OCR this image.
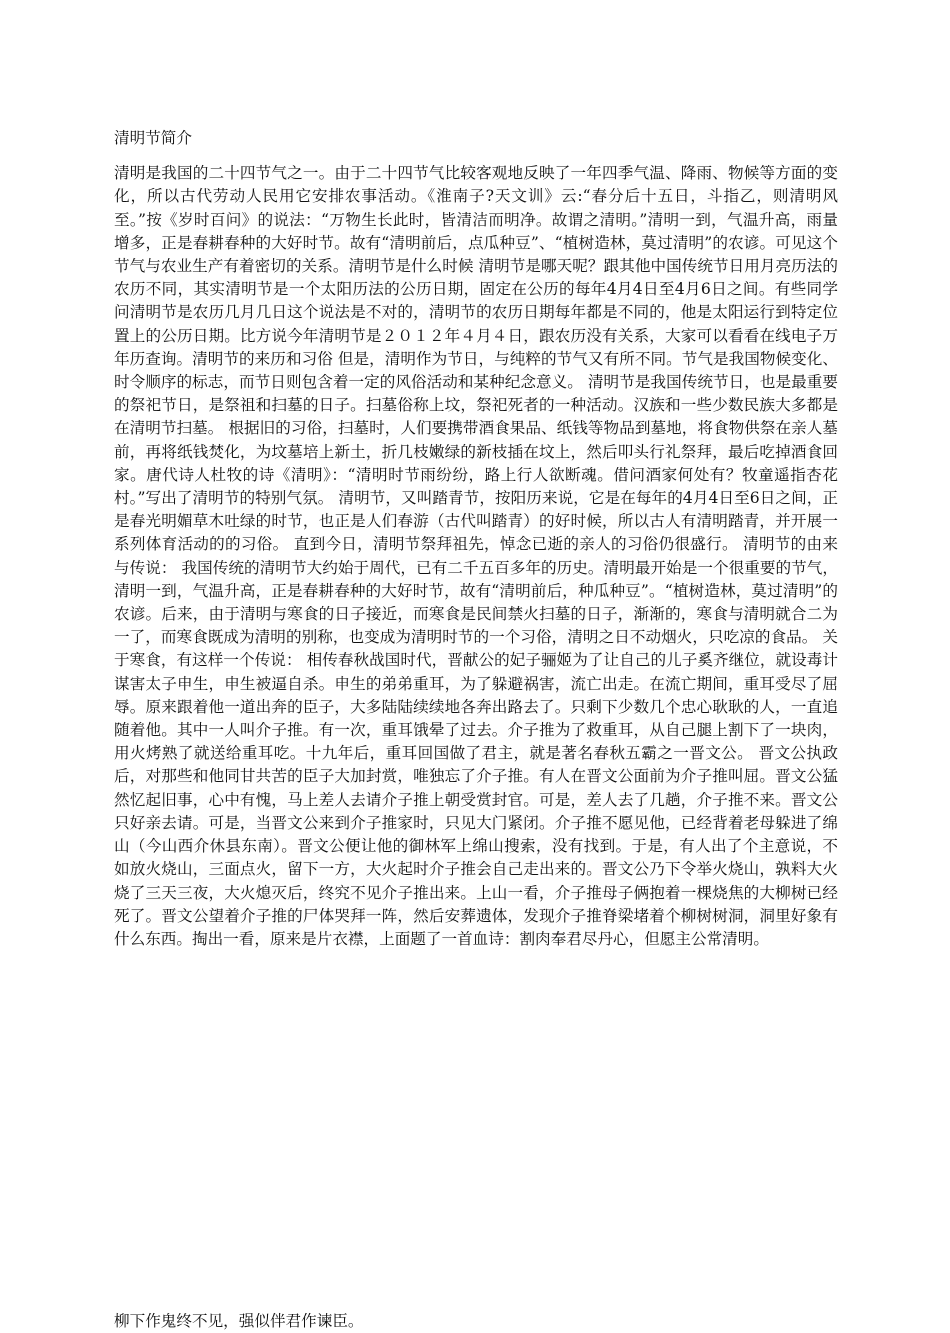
清明节简介

清明是我国的二十四节气之一。由于二十四节气比较客观地反映了一年四季气温、降雨、物候等方面的变化，所以古代劳动人民用它安排农事活动。《淮南子?天文训》云:“春分后十五日，斗指乙，则清明风至。”按《岁时百问》的说法：“万物生长此时，皆清洁而明净。故谓之清明。”清明一到，气温升高，雨量增多，正是春耕春种的大好时节。故有“清明前后，点瓜种豆”、“植树造林，莫过清明”的农谚。可见这个节气与农业生产有着密切的关系。清明节是什么时候 清明节是哪天呢？跟其他中国传统节日用月亮历法的农历不同，其实清明节是一个太阳历法的公历日期，固定在公历的每年4月4日至4月6日之间。有些同学问清明节是农历几月几日这个说法是不对的，清明节的农历日期每年都是不同的，他是太阳运行到特定位置上的公历日期。比方说今年清明节是２０１２年４月４日，跟农历没有关系，大家可以看看在线电子万年历查询。清明节的来历和习俗 但是，清明作为节日，与纯粹的节气又有所不同。节气是我国物候变化、时令顺序的标志，而节日则包含着一定的风俗活动和某种纪念意义。 清明节是我国传统节日，也是最重要的祭祀节日，是祭祖和扫墓的日子。扫墓俗称上坟，祭祀死者的一种活动。汉族和一些少数民族大多都是在清明节扫墓。 根据旧的习俗，扫墓时，人们要携带酒食果品、纸钱等物品到墓地，将食物供祭在亲人墓前，再将纸钱焚化，为坟墓培上新土，折几枝嫩绿的新枝插在坟上，然后叩头行礼祭拜，最后吃掉酒食回家。唐代诗人杜牧的诗《清明》：“清明时节雨纷纷，路上行人欲断魂。借问酒家何处有？牧童遥指杏花村。”写出了清明节的特别气氛。 清明节，又叫踏青节，按阳历来说，它是在每年的4月4日至6日之间，正是春光明媚草木吐绿的时节，也正是人们春游（古代叫踏青）的好时候，所以古人有清明踏青，并开展一系列体育活动的的习俗。 直到今日，清明节祭拜祖先，悼念已逝的亲人的习俗仍很盛行。 清明节的由来与传说： 我国传统的清明节大约始于周代，已有二千五百多年的历史。清明最开始是一个很重要的节气，清明一到，气温升高，正是春耕春种的大好时节，故有“清明前后，种瓜种豆”。“植树造林，莫过清明”的农谚。后来，由于清明与寒食的日子接近，而寒食是民间禁火扫墓的日子，渐渐的，寒食与清明就合二为一了，而寒食既成为清明的别称，也变成为清明时节的一个习俗，清明之日不动烟火，只吃凉的食品。 关于寒食，有这样一个传说： 相传春秋战国时代，晋献公的妃子骊姬为了让自己的儿子奚齐继位，就设毒计谋害太子申生，申生被逼自杀。申生的弟弟重耳，为了躲避祸害，流亡出走。在流亡期间，重耳受尽了屈辱。原来跟着他一道出奔的臣子，大多陆陆续续地各奔出路去了。只剩下少数几个忠心耿耿的人，一直追随着他。其中一人叫介子推。有一次，重耳饿晕了过去。介子推为了救重耳，从自己腿上割下了一块肉，用火烤熟了就送给重耳吃。十九年后，重耳回国做了君主，就是著名春秋五霸之一晋文公。 晋文公执政后，对那些和他同甘共苦的臣子大加封赏，唯独忘了介子推。有人在晋文公面前为介子推叫屈。晋文公猛然忆起旧事，心中有愧，马上差人去请介子推上朝受赏封官。可是，差人去了几趟，介子推不来。晋文公只好亲去请。可是，当晋文公来到介子推家时，只见大门紧闭。介子推不愿见他，已经背着老母躲进了绵山（今山西介休县东南）。晋文公便让他的御林军上绵山搜索，没有找到。于是，有人出了个主意说，不如放火烧山，三面点火，留下一方，大火起时介子推会自己走出来的。晋文公乃下令举火烧山，孰料大火烧了三天三夜，大火熄灭后，终究不见介子推出来。上山一看，介子推母子俩抱着一棵烧焦的大柳树已经死了。晋文公望着介子推的尸体哭拜一阵，然后安葬遗体，发现介子推脊梁堵着个柳树树洞，洞里好象有什么东西。掏出一看，原来是片衣襟，上面题了一首血诗：割肉奉君尽丹心，但愿主公常清明。

柳下作鬼终不见，强似伴君作谏臣。
